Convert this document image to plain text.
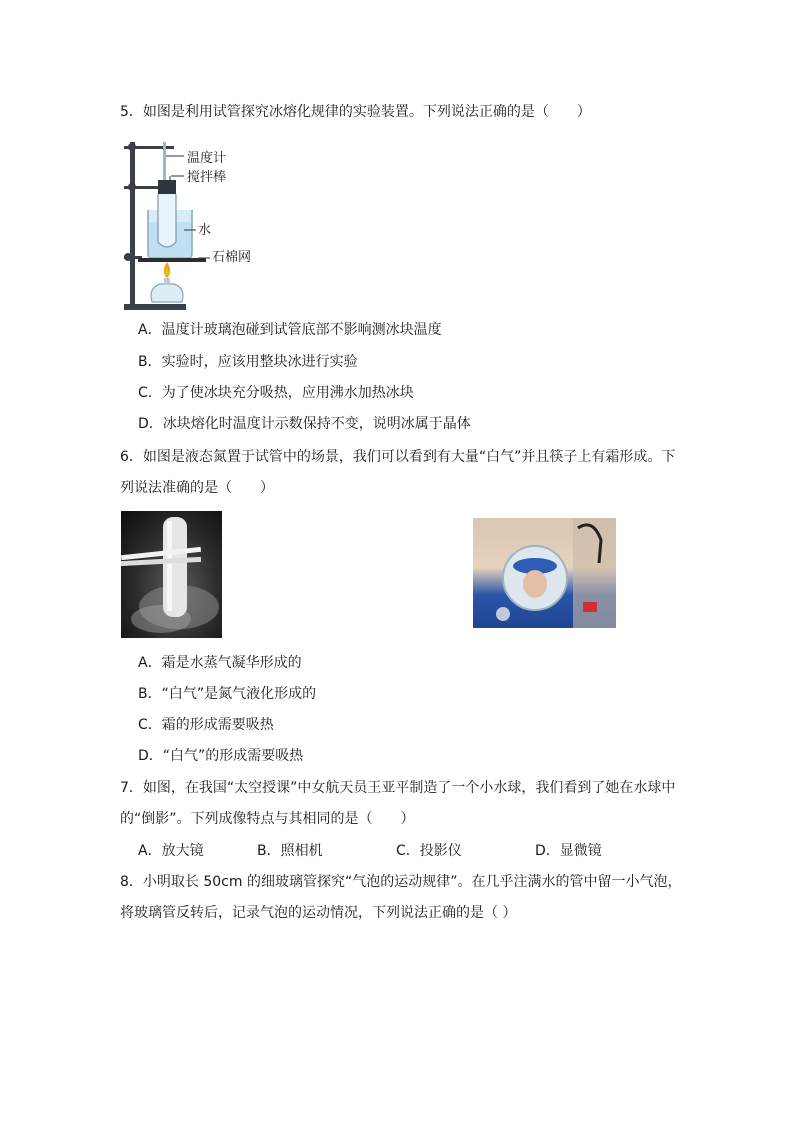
5．如图是利用试管探究冰熔化规律的实验装置。下列说法正确的是（　　）
温度计
搅拌棒
水
石棉网
A．温度计玻璃泡碰到试管底部不影响测冰块温度
B．实验时，应该用整块冰进行实验
C．为了使冰块充分吸热，应用沸水加热冰块
D．冰块熔化时温度计示数保持不变，说明冰属于晶体
6．如图是液态氮置于试管中的场景，我们可以看到有大量“白气”并且筷子上有霜形成。下
列说法准确的是（　　）
A．霜是水蒸气凝华形成的
B．“白气”是氮气液化形成的
C．霜的形成需要吸热
D．“白气”的形成需要吸热
7．如图，在我国“太空授课”中女航天员王亚平制造了一个小水球，我们看到了她在水球中
的“倒影”。下列成像特点与其相同的是（　　）
A．放大镜	B．照相机	C．投影仪	D．显微镜
8．小明取长 50cm 的细玻璃管探究“气泡的运动规律”。在几乎注满水的管中留一小气泡，
将玻璃管反转后，记录气泡的运动情况，下列说法正确的是（ ）
